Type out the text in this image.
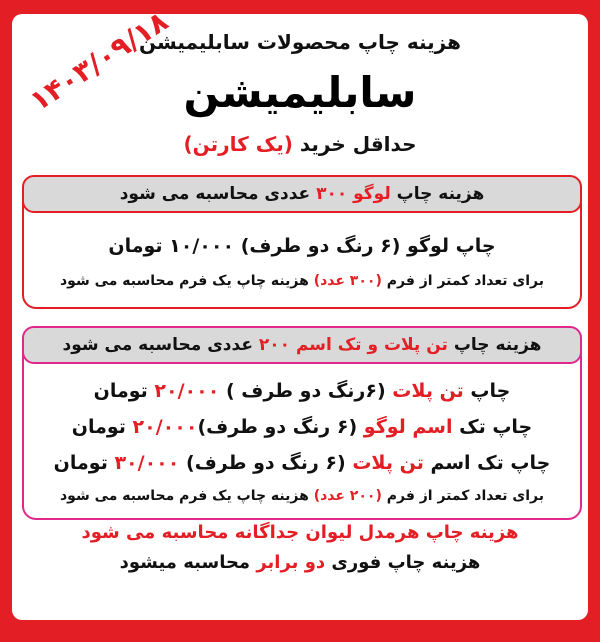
هزینه چاپ محصولات سابلیمیشن
سابلیمیشن
حداقل خرید (یک کارتن)
۱۴۰۳/۰۹/۱۸
هزینه چاپ لوگو ۳۰۰ عددی محاسبه می شود
چاپ لوگو (۶ رنگ دو طرف) ۱۰/۰۰۰ تومان
برای تعداد کمتر از فرم (۳۰۰ عدد) هزینه چاپ یک فرم محاسبه می شود
هزینه چاپ تن پلات و تک اسم ۲۰۰ عددی محاسبه می شود
چاپ تن پلات (۶رنگ دو طرف ) ۲۰/۰۰۰ تومان
چاپ تک اسم لوگو (۶ رنگ دو طرف)۲۰/۰۰۰ تومان
چاپ تک اسم تن پلات (۶ رنگ دو طرف) ۳۰/۰۰۰ تومان
برای تعداد کمتر از فرم (۲۰۰ عدد) هزینه چاپ یک فرم محاسبه می شود
هزینه چاپ هرمدل لیوان جداگانه محاسبه می شود
هزینه چاپ فوری دو برابر محاسبه میشود
